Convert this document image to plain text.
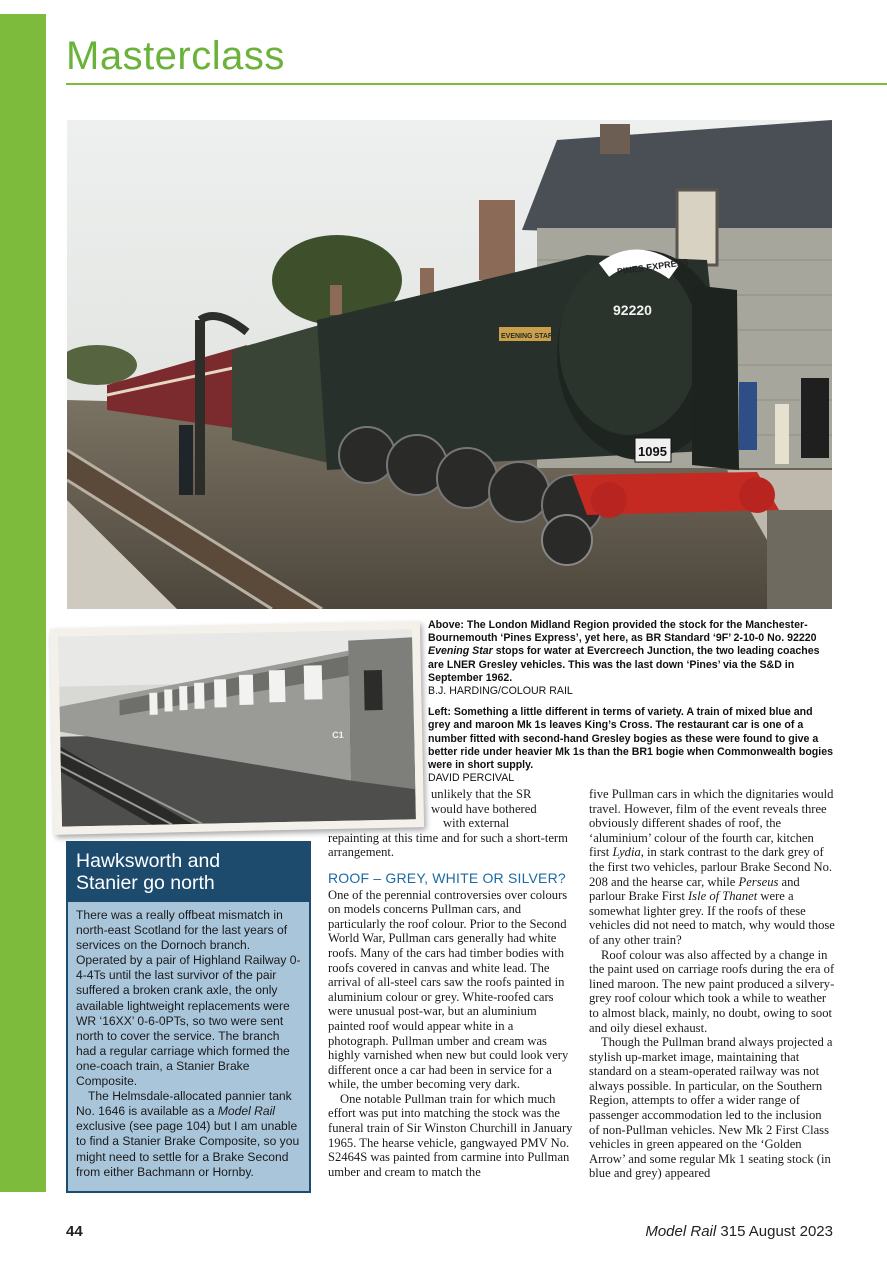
Masterclass
PINES EXPRESS
92220
EVENING STAR
1095
C1

Above: The London Midland Region provided the stock for the Manchester-Bournemouth ‘Pines Express’, yet here, as BR Standard ‘9F’ 2-10-0 No. 92220 Evening Star stops for water at Evercreech Junction, the two leading coaches are LNER Gresley vehicles. This was the last down ‘Pines’ via the S&D in September 1962.
B.J. HARDING/COLOUR RAIL

Left: Something a little different in terms of variety. A train of mixed blue and grey and maroon Mk 1s leaves King’s Cross. The restaurant car is one of a number fitted with second-hand Gresley bogies as these were found to give a better ride under heavier Mk 1s than the BR1 bogie when Commonwealth bogies were in short supply.
DAVID PERCIVAL

Hawksworth and
Stanier go north

There was a really offbeat mismatch in north-east Scotland for the last years of services on the Dornoch branch. Operated by a pair of Highland Railway 0-4-4Ts until the last survivor of the pair suffered a broken crank axle, the only available lightweight replacements were WR ‘16XX’ 0-6-0PTs, so two were sent north to cover the service. The branch had a regular carriage which formed the one-coach train, a Stanier Brake Composite.

The Helmsdale-allocated pannier tank No. 1646 is available as a Model Rail exclusive (see page 104) but I am unable to find a Stanier Brake Composite, so you might need to settle for a Brake Second from either Bachmann or Hornby.

unlikely that the SR
would have bothered
with external

repainting at this time and for such a short-term arrangement.

ROOF – GREY, WHITE OR SILVER?

One of the perennial controversies over colours on models concerns Pullman cars, and particularly the roof colour. Prior to the Second World War, Pullman cars generally had white roofs. Many of the cars had timber bodies with roofs covered in canvas and white lead. The arrival of all-steel cars saw the roofs painted in aluminium colour or grey. White-roofed cars were unusual post-war, but an aluminium painted roof would appear white in a photograph. Pullman umber and cream was highly varnished when new but could look very different once a car had been in service for a while, the umber becoming very dark.

One notable Pullman train for which much effort was put into matching the stock was the funeral train of Sir Winston Churchill in January 1965. The hearse vehicle, gangwayed PMV No. S2464S was painted from carmine into Pullman umber and cream to match the

five Pullman cars in which the dignitaries would travel. However, film of the event reveals three obviously different shades of roof, the ‘aluminium’ colour of the fourth car, kitchen first Lydia, in stark contrast to the dark grey of the first two vehicles, parlour Brake Second No. 208 and the hearse car, while Perseus and parlour Brake First Isle of Thanet were a somewhat lighter grey. If the roofs of these vehicles did not need to match, why would those of any other train?

Roof colour was also affected by a change in the paint used on carriage roofs during the era of lined maroon. The new paint produced a silvery-grey roof colour which took a while to weather to almost black, mainly, no doubt, owing to soot and oily diesel exhaust.

Though the Pullman brand always projected a stylish up-market image, maintaining that standard on a steam-operated railway was not always possible. In particular, on the Southern Region, attempts to offer a wider range of passenger accommodation led to the inclusion of non-Pullman vehicles. New Mk 2 First Class vehicles in green appeared on the ‘Golden Arrow’ and some regular Mk 1 seating stock (in blue and grey) appeared

44	Model Rail 315 August 2023
